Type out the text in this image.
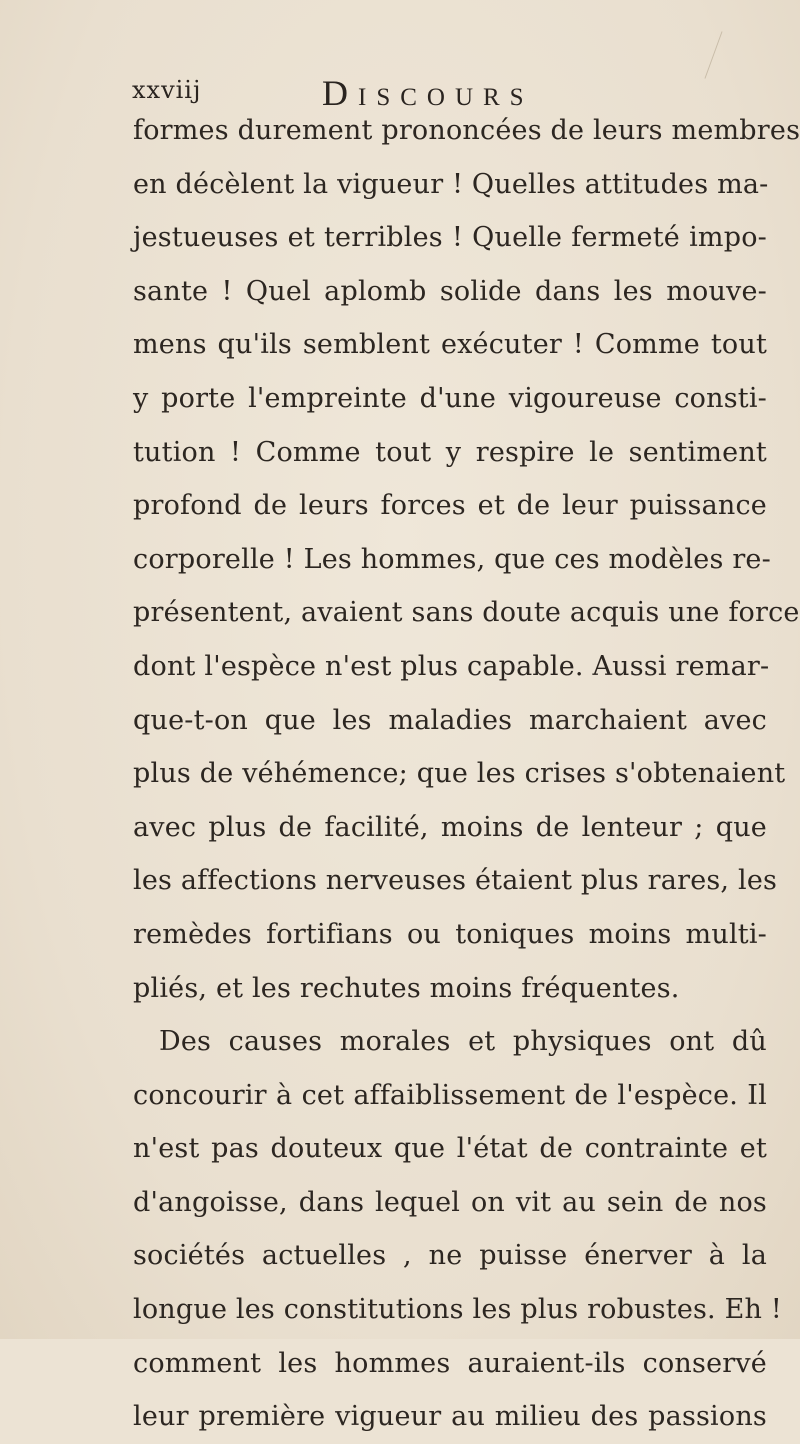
xxviij	Discours
formes durement prononcées de leurs membres
en décèlent la vigueur ! Quelles attitudes ma-
jestueuses et terribles ! Quelle fermeté impo-
sante ! Quel aplomb solide dans les mouve-
mens qu'ils semblent exécuter ! Comme tout
y porte l'empreinte d'une vigoureuse consti-
tution ! Comme tout y respire le sentiment
profond de leurs forces et de leur puissance
corporelle ! Les hommes, que ces modèles re-
présentent, avaient sans doute acquis une force
dont l'espèce n'est plus capable. Aussi remar-
que-t-on que les maladies marchaient avec
plus de véhémence; que les crises s'obtenaient
avec plus de facilité, moins de lenteur ; que
les affections nerveuses étaient plus rares, les
remèdes fortifians ou toniques moins multi-
pliés, et les rechutes moins fréquentes.
Des causes morales et physiques ont dû
concourir à cet affaiblissement de l'espèce. Il
n'est pas douteux que l'état de contrainte et
d'angoisse, dans lequel on vit au sein de nos
sociétés actuelles , ne puisse énerver à la
longue les constitutions les plus robustes. Eh !
comment les hommes auraient-ils conservé
leur première vigueur au milieu des passions
